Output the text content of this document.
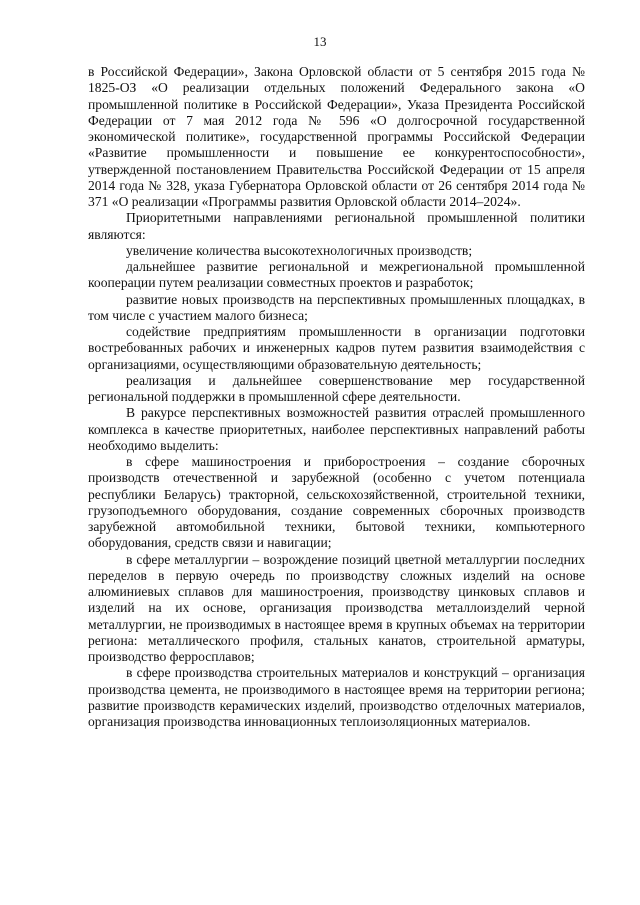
13

в Российской Федерации», Закона Орловской области от 5 сентября 2015 года № 1825-ОЗ «О реализации отдельных положений Федерального закона «О промышленной политике в Российской Федерации», Указа Президента Российской Федерации от 7 мая 2012 года № 596 «О долгосрочной государственной экономической политике», государственной программы Российской Федерации «Развитие промышленности и повышение ее конкурентоспособности», утвержденной постановлением Правительства Российской Федерации от 15 апреля 2014 года № 328, указа Губернатора Орловской области от 26 сентября 2014 года № 371 «О реализации «Программы развития Орловской области 2014–2024».

Приоритетными направлениями региональной промышленной политики являются:

увеличение количества высокотехнологичных производств;

дальнейшее развитие региональной и межрегиональной промышленной кооперации путем реализации совместных проектов и разработок;

развитие новых производств на перспективных промышленных площадках, в том числе с участием малого бизнеса;

содействие предприятиям промышленности в организации подготовки востребованных рабочих и инженерных кадров путем развития взаимодействия с организациями, осуществляющими образовательную деятельность;

реализация и дальнейшее совершенствование мер государственной региональной поддержки в промышленной сфере деятельности.

В ракурсе перспективных возможностей развития отраслей промышленного комплекса в качестве приоритетных, наиболее перспективных направлений работы необходимо выделить:

в сфере машиностроения и приборостроения – создание сборочных производств отечественной и зарубежной (особенно с учетом потенциала республики Беларусь) тракторной, сельскохозяйственной, строительной техники, грузоподъемного оборудования, создание современных сборочных производств зарубежной автомобильной техники, бытовой техники, компьютерного оборудования, средств связи и навигации;

в сфере металлургии – возрождение позиций цветной металлургии последних переделов в первую очередь по производству сложных изделий на основе алюминиевых сплавов для машиностроения, производству цинковых сплавов и изделий на их основе, организация производства металлоизделий черной металлургии, не производимых в настоящее время в крупных объемах на территории региона: металлического профиля, стальных канатов, строительной арматуры, производство ферросплавов;

в сфере производства строительных материалов и конструкций – организация производства цемента, не производимого в настоящее время на территории региона; развитие производств керамических изделий, производство отделочных материалов, организация производства инновационных теплоизоляционных материалов.
